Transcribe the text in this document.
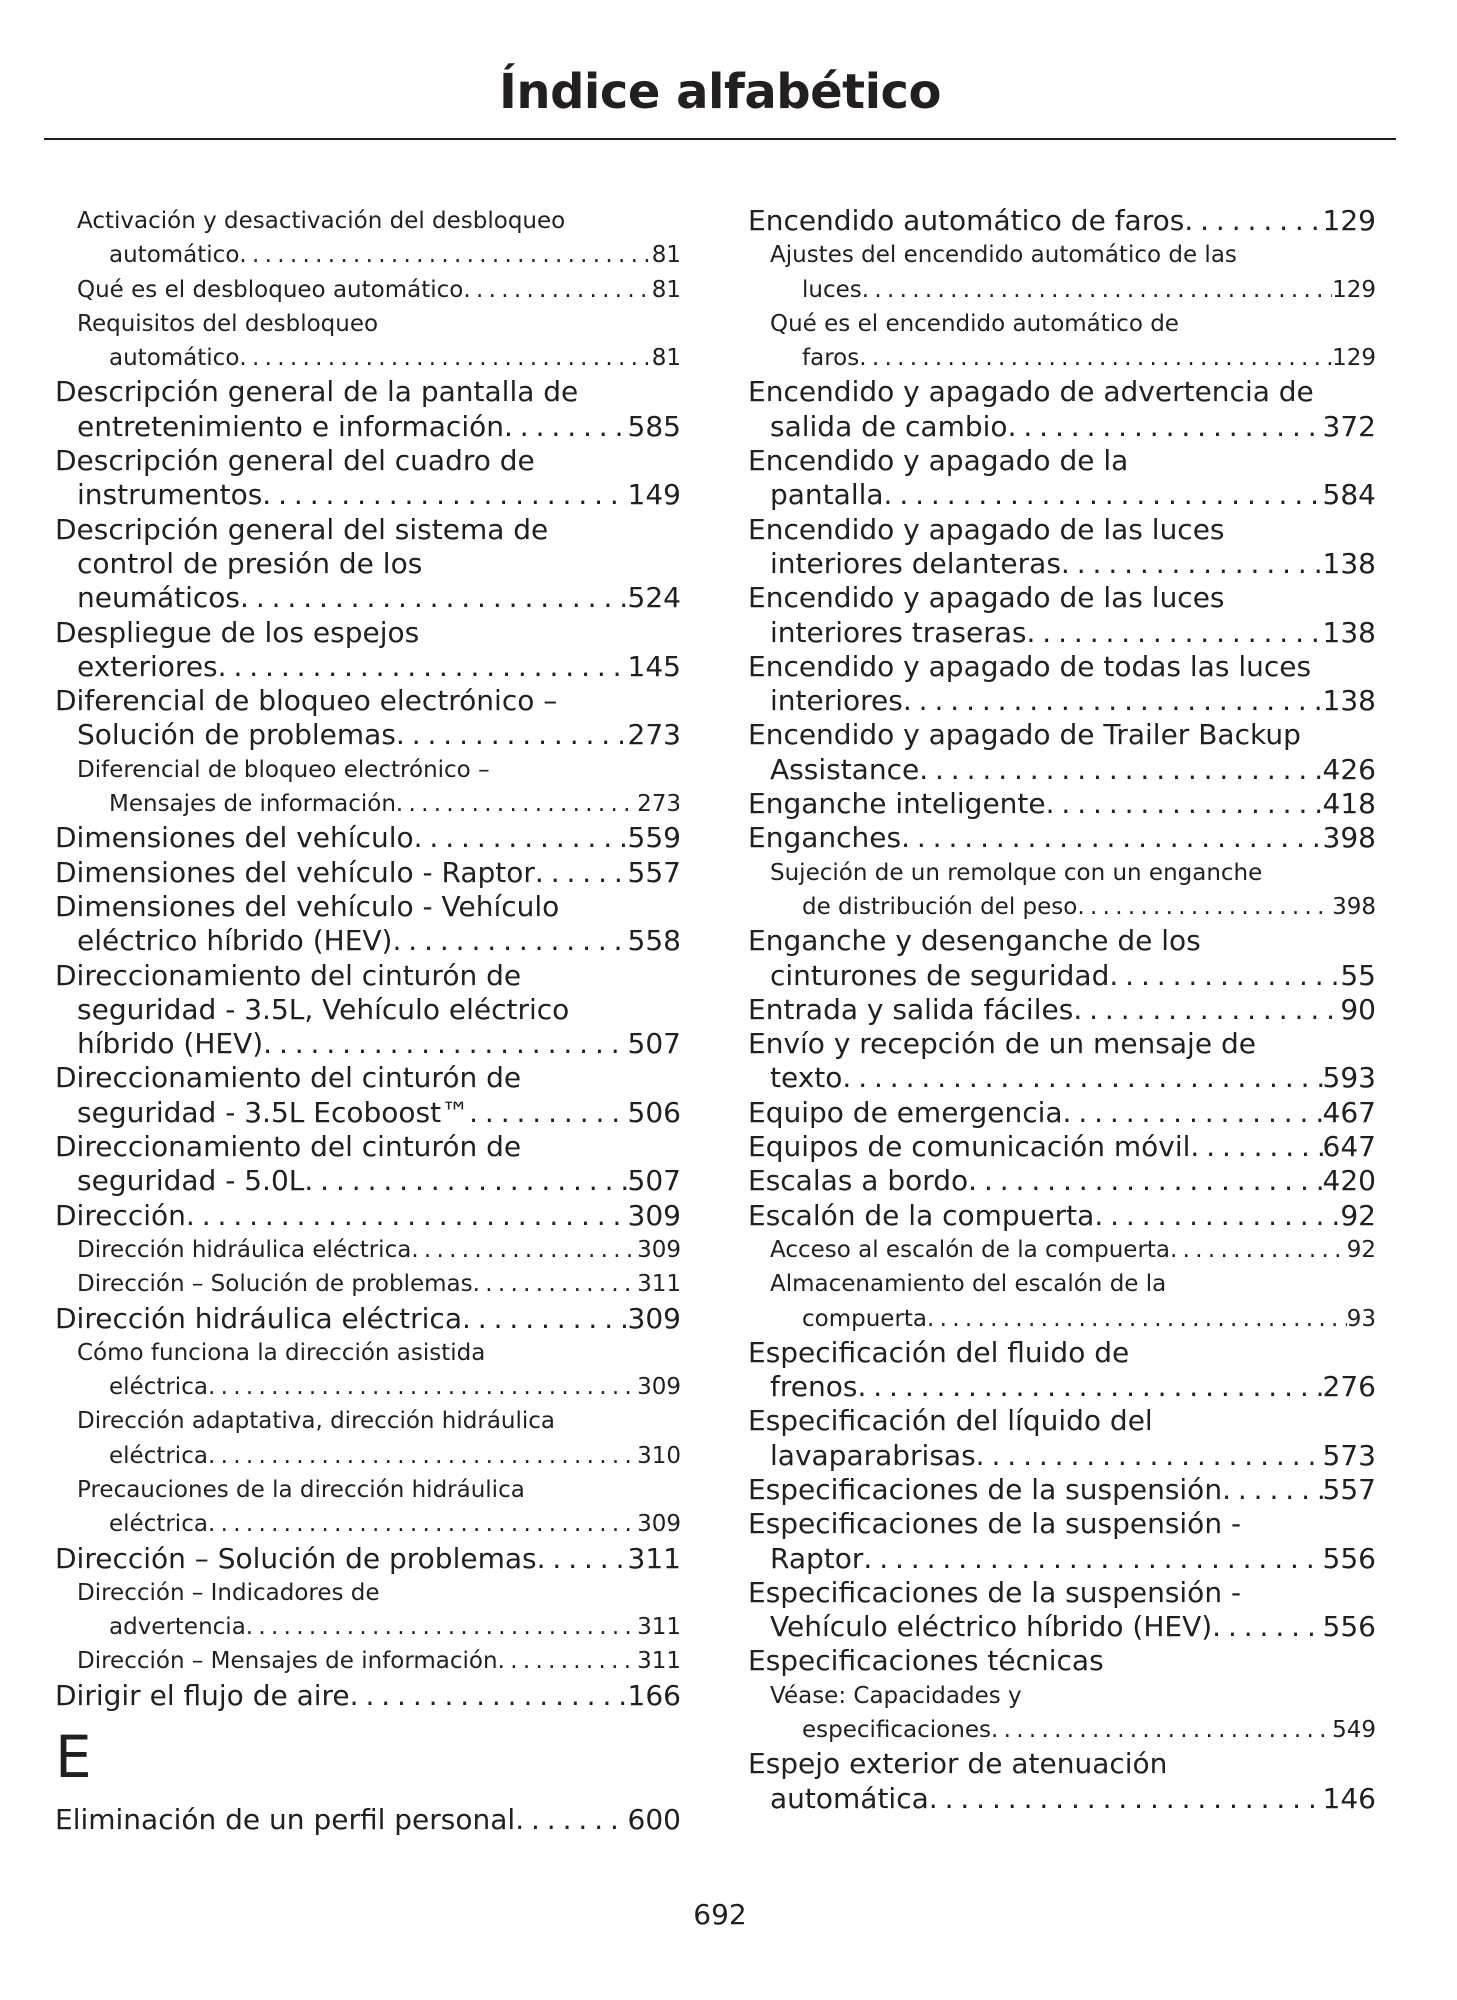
Índice alfabético
Activación y desactivación del desbloqueo
automático . . .	81
Qué es el desbloqueo automático . . .	81
Requisitos del desbloqueo
automático . . .	81
Descripción general de la pantalla de
entretenimiento e información . . .	585
Descripción general del cuadro de
instrumentos . . .	149
Descripción general del sistema de
control de presión de los
neumáticos . . .	524
Despliegue de los espejos
exteriores . . .	145
Diferencial de bloqueo electrónico –
Solución de problemas . . .	273
Diferencial de bloqueo electrónico –
Mensajes de información . . .	273
Dimensiones del vehículo . . .	559
Dimensiones del vehículo - Raptor . . .	557
Dimensiones del vehículo - Vehículo
eléctrico híbrido (HEV) . . .	558
Direccionamiento del cinturón de
seguridad - 3.5L, Vehículo eléctrico
híbrido (HEV) . . .	507
Direccionamiento del cinturón de
seguridad - 3.5L Ecoboost™ . . .	506
Direccionamiento del cinturón de
seguridad - 5.0L . . .	507
Dirección . . .	309
Dirección hidráulica eléctrica . . .	309
Dirección – Solución de problemas . . .	311
Dirección hidráulica eléctrica . . .	309
Cómo funciona la dirección asistida
eléctrica . . .	309
Dirección adaptativa, dirección hidráulica
eléctrica . . .	310
Precauciones de la dirección hidráulica
eléctrica . . .	309
Dirección – Solución de problemas . . .	311
Dirección – Indicadores de
advertencia . . .	311
Dirección – Mensajes de información . . .	311
Dirigir el flujo de aire . . .	166
E
Eliminación de un perfil personal . . .	600
Encendido automático de faros . . .	129
Ajustes del encendido automático de las
luces . . .	129
Qué es el encendido automático de
faros . . .	129
Encendido y apagado de advertencia de
salida de cambio . . .	372
Encendido y apagado de la
pantalla . . .	584
Encendido y apagado de las luces
interiores delanteras . . .	138
Encendido y apagado de las luces
interiores traseras . . .	138
Encendido y apagado de todas las luces
interiores . . .	138
Encendido y apagado de Trailer Backup
Assistance . . .	426
Enganche inteligente . . .	418
Enganches . . .	398
Sujeción de un remolque con un enganche
de distribución del peso . . .	398
Enganche y desenganche de los
cinturones de seguridad . . .	55
Entrada y salida fáciles . . .	90
Envío y recepción de un mensaje de
texto . . .	593
Equipo de emergencia . . .	467
Equipos de comunicación móvil . . .	647
Escalas a bordo . . .	420
Escalón de la compuerta . . .	92
Acceso al escalón de la compuerta . . .	92
Almacenamiento del escalón de la
compuerta . . .	93
Especificación del fluido de
frenos . . .	276
Especificación del líquido del
lavaparabrisas . . .	573
Especificaciones de la suspensión . . .	557
Especificaciones de la suspensión -
Raptor . . .	556
Especificaciones de la suspensión -
Vehículo eléctrico híbrido (HEV) . . .	556
Especificaciones técnicas
Véase: Capacidades y
especificaciones . . .	549
Espejo exterior de atenuación
automática . . .	146
692
